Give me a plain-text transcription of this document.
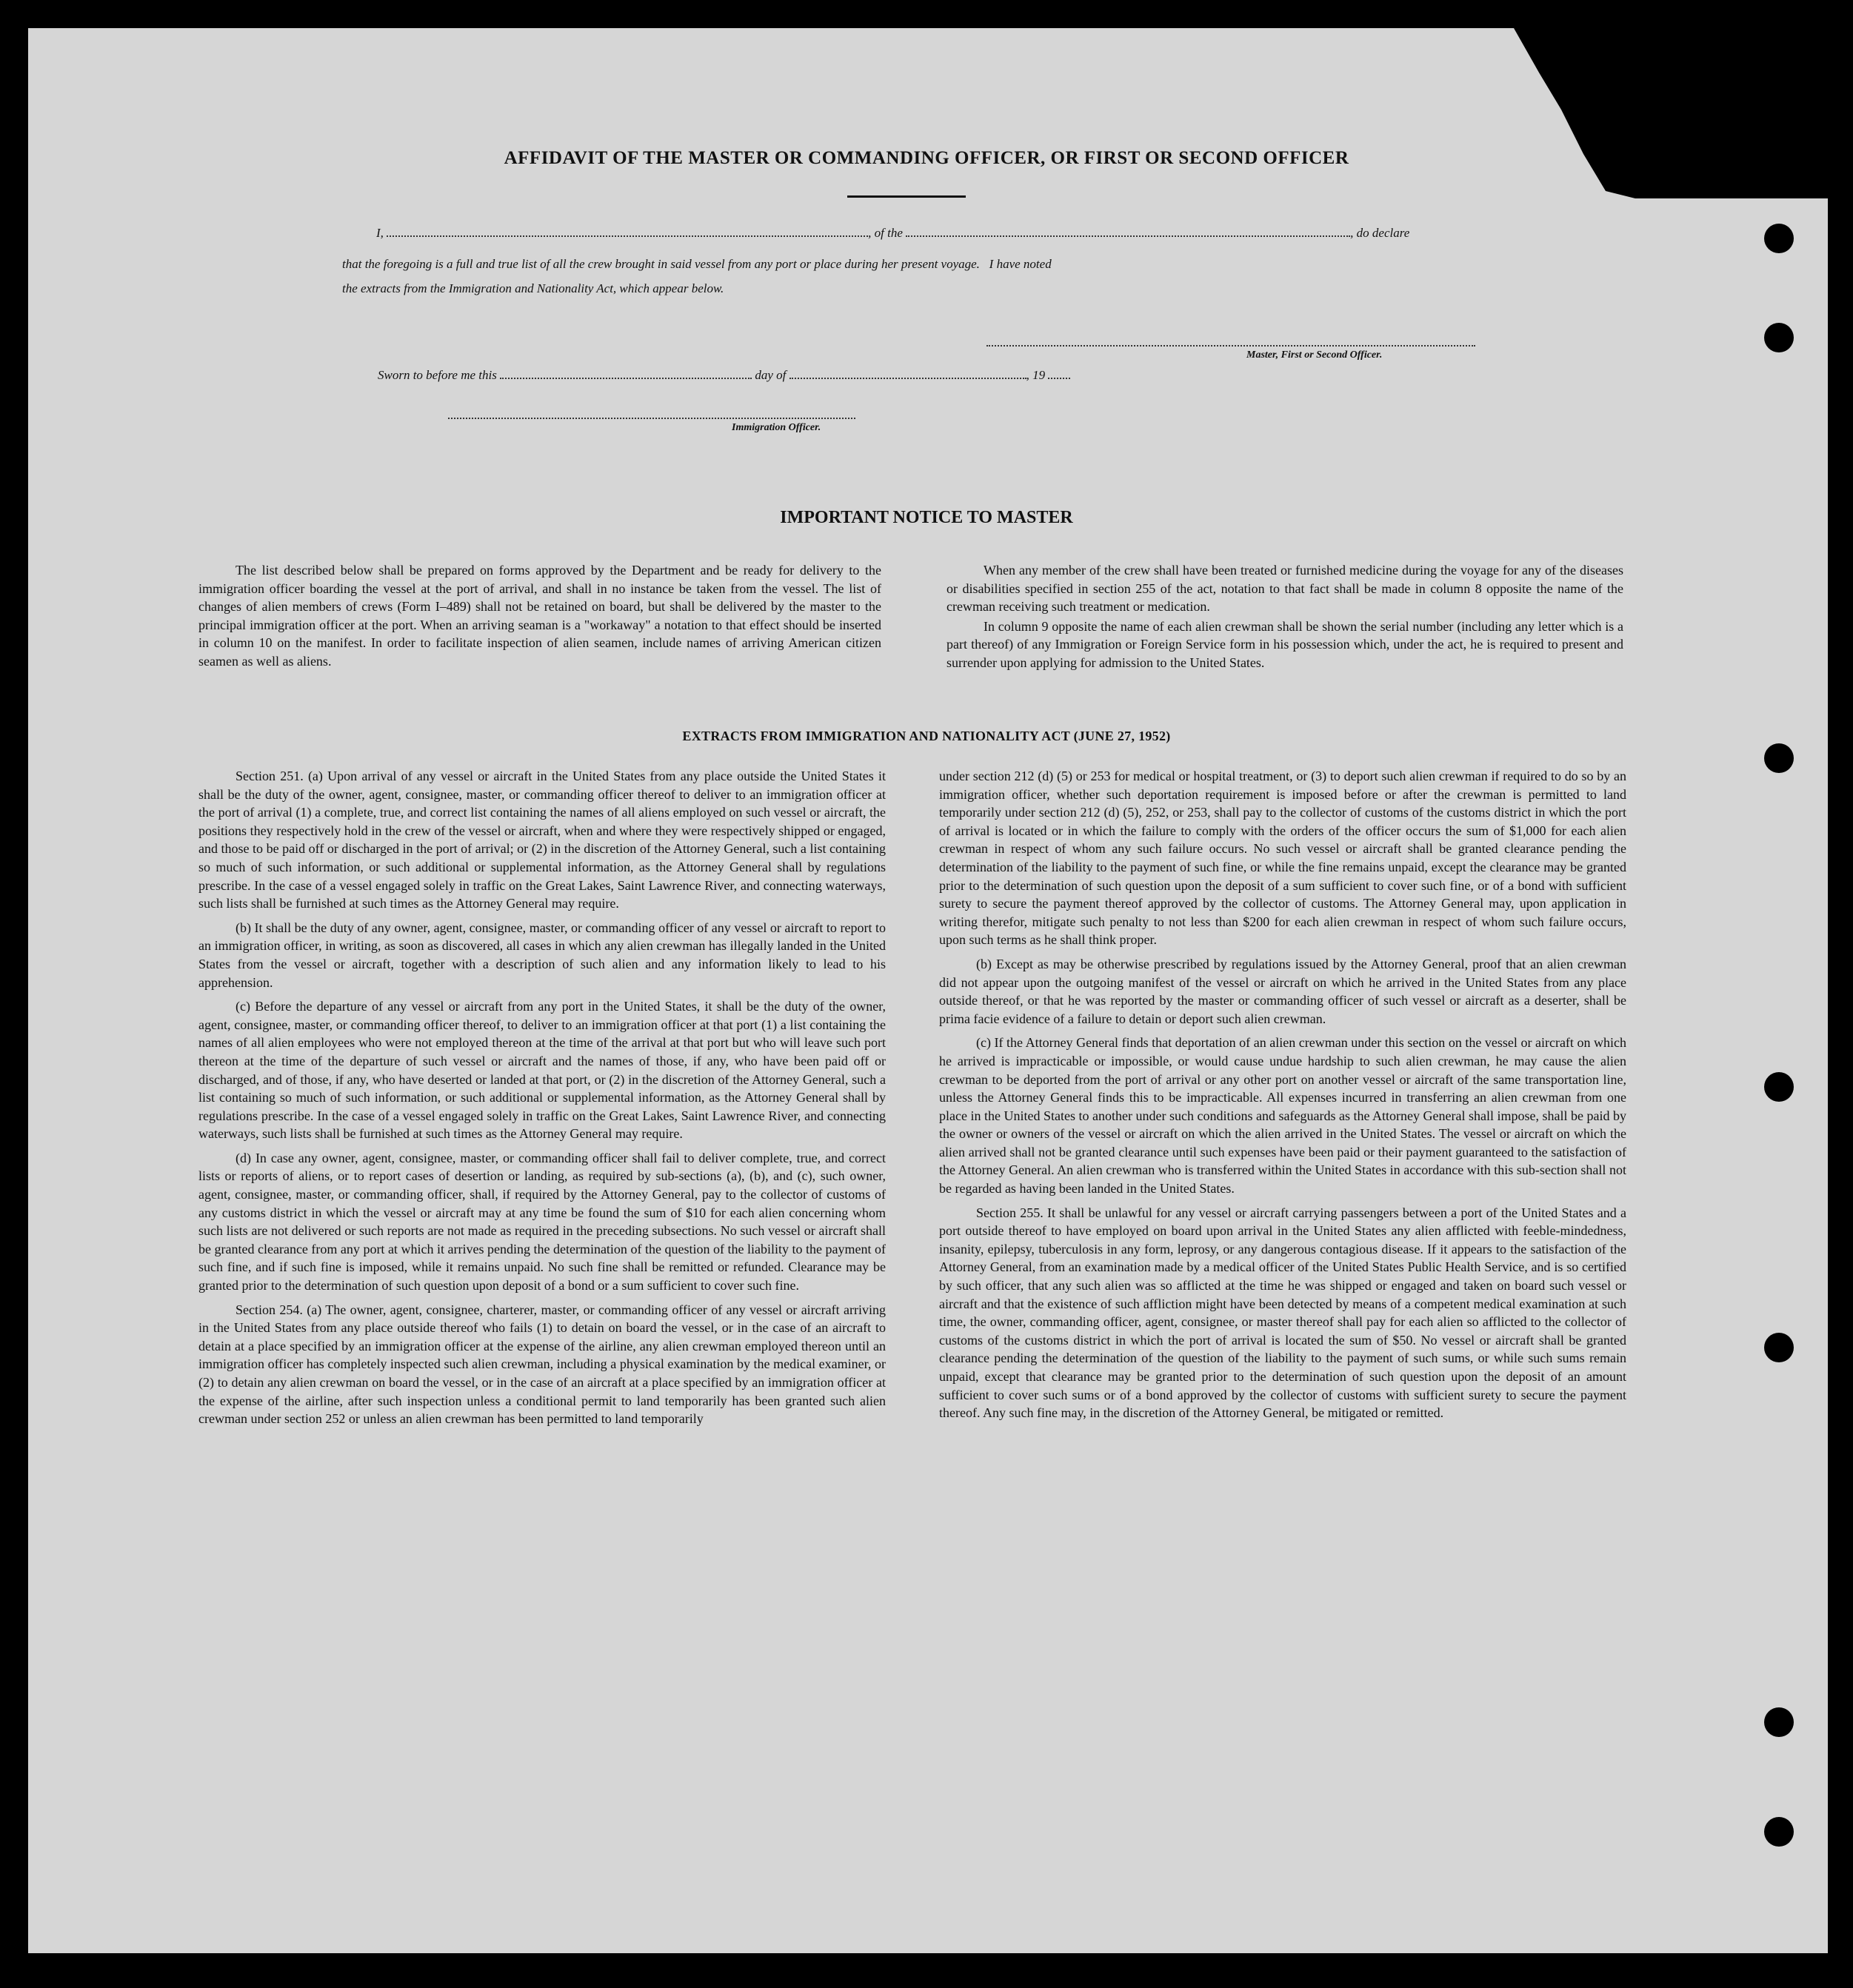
AFFIDAVIT OF THE MASTER OR COMMANDING OFFICER, OR FIRST OR SECOND OFFICER
I,	, of the	, do declare
that the foregoing is a full and true list of all the crew brought in said vessel from any port or place during her present voyage.   I have noted
the extracts from the Immigration and Nationality Act, which appear below.
Master, First or Second Officer.
Sworn to before me this	day of	, 19
Immigration Officer.
IMPORTANT NOTICE TO MASTER

The list described below shall be prepared on forms approved by the Department and be ready for delivery to the immigration officer boarding the vessel at the port of arrival, and shall in no instance be taken from the vessel. The list of changes of alien members of crews (Form I–489) shall not be retained on board, but shall be delivered by the master to the principal immigration officer at the port. When an arriving seaman is a "workaway" a notation to that effect should be inserted in column 10 on the manifest. In order to facilitate inspection of alien seamen, include names of arriving American citizen seamen as well as aliens.

When any member of the crew shall have been treated or furnished medicine during the voyage for any of the diseases or disabilities specified in section 255 of the act, notation to that fact shall be made in column 8 opposite the name of the crewman receiving such treatment or medication.

In column 9 opposite the name of each alien crewman shall be shown the serial number (including any letter which is a part thereof) of any Immigration or Foreign Service form in his possession which, under the act, he is required to present and surrender upon applying for admission to the United States.

EXTRACTS FROM IMMIGRATION AND NATIONALITY ACT (JUNE 27, 1952)

Section 251. (a) Upon arrival of any vessel or aircraft in the United States from any place outside the United States it shall be the duty of the owner, agent, consignee, master, or commanding officer thereof to deliver to an immigration officer at the port of arrival (1) a complete, true, and correct list containing the names of all aliens employed on such vessel or aircraft, the positions they respectively hold in the crew of the vessel or aircraft, when and where they were respectively shipped or engaged, and those to be paid off or discharged in the port of arrival; or (2) in the discretion of the Attorney General, such a list containing so much of such information, or such additional or supplemental information, as the Attorney General shall by regulations prescribe. In the case of a vessel engaged solely in traffic on the Great Lakes, Saint Lawrence River, and connecting waterways, such lists shall be furnished at such times as the Attorney General may require.

(b) It shall be the duty of any owner, agent, consignee, master, or commanding officer of any vessel or aircraft to report to an immigration officer, in writing, as soon as discovered, all cases in which any alien crewman has illegally landed in the United States from the vessel or aircraft, together with a description of such alien and any information likely to lead to his apprehension.

(c) Before the departure of any vessel or aircraft from any port in the United States, it shall be the duty of the owner, agent, consignee, master, or commanding officer thereof, to deliver to an immigration officer at that port (1) a list containing the names of all alien employees who were not employed thereon at the time of the arrival at that port but who will leave such port thereon at the time of the departure of such vessel or aircraft and the names of those, if any, who have been paid off or discharged, and of those, if any, who have deserted or landed at that port, or (2) in the discretion of the Attorney General, such a list containing so much of such information, or such additional or supplemental information, as the Attorney General shall by regulations prescribe. In the case of a vessel engaged solely in traffic on the Great Lakes, Saint Lawrence River, and connecting waterways, such lists shall be furnished at such times as the Attorney General may require.

(d) In case any owner, agent, consignee, master, or commanding officer shall fail to deliver complete, true, and correct lists or reports of aliens, or to report cases of desertion or landing, as required by sub-sections (a), (b), and (c), such owner, agent, consignee, master, or commanding officer, shall, if required by the Attorney General, pay to the collector of customs of any customs district in which the vessel or aircraft may at any time be found the sum of $10 for each alien concerning whom such lists are not delivered or such reports are not made as required in the preceding subsections. No such vessel or aircraft shall be granted clearance from any port at which it arrives pending the determination of the question of the liability to the payment of such fine, and if such fine is imposed, while it remains unpaid. No such fine shall be remitted or refunded. Clearance may be granted prior to the determination of such question upon deposit of a bond or a sum sufficient to cover such fine.

Section 254. (a) The owner, agent, consignee, charterer, master, or commanding officer of any vessel or aircraft arriving in the United States from any place outside thereof who fails (1) to detain on board the vessel, or in the case of an aircraft to detain at a place specified by an immigration officer at the expense of the airline, any alien crewman employed thereon until an immigration officer has completely inspected such alien crewman, including a physical examination by the medical examiner, or (2) to detain any alien crewman on board the vessel, or in the case of an aircraft at a place specified by an immigration officer at the expense of the airline, after such inspection unless a conditional permit to land temporarily has been granted such alien crewman under section 252 or unless an alien crewman has been permitted to land temporarily

under section 212 (d) (5) or 253 for medical or hospital treatment, or (3) to deport such alien crewman if required to do so by an immigration officer, whether such deportation requirement is imposed before or after the crewman is permitted to land temporarily under section 212 (d) (5), 252, or 253, shall pay to the collector of customs of the customs district in which the port of arrival is located or in which the failure to comply with the orders of the officer occurs the sum of $1,000 for each alien crewman in respect of whom any such failure occurs. No such vessel or aircraft shall be granted clearance pending the determination of the liability to the payment of such fine, or while the fine remains unpaid, except the clearance may be granted prior to the determination of such question upon the deposit of a sum sufficient to cover such fine, or of a bond with sufficient surety to secure the payment thereof approved by the collector of customs. The Attorney General may, upon application in writing therefor, mitigate such penalty to not less than $200 for each alien crewman in respect of whom such failure occurs, upon such terms as he shall think proper.

(b) Except as may be otherwise prescribed by regulations issued by the Attorney General, proof that an alien crewman did not appear upon the outgoing manifest of the vessel or aircraft on which he arrived in the United States from any place outside thereof, or that he was reported by the master or commanding officer of such vessel or aircraft as a deserter, shall be prima facie evidence of a failure to detain or deport such alien crewman.

(c) If the Attorney General finds that deportation of an alien crewman under this section on the vessel or aircraft on which he arrived is impracticable or impossible, or would cause undue hardship to such alien crewman, he may cause the alien crewman to be deported from the port of arrival or any other port on another vessel or aircraft of the same transportation line, unless the Attorney General finds this to be impracticable. All expenses incurred in transferring an alien crewman from one place in the United States to another under such conditions and safeguards as the Attorney General shall impose, shall be paid by the owner or owners of the vessel or aircraft on which the alien arrived in the United States. The vessel or aircraft on which the alien arrived shall not be granted clearance until such expenses have been paid or their payment guaranteed to the satisfaction of the Attorney General. An alien crewman who is transferred within the United States in accordance with this sub-section shall not be regarded as having been landed in the United States.

Section 255. It shall be unlawful for any vessel or aircraft carrying passengers between a port of the United States and a port outside thereof to have employed on board upon arrival in the United States any alien afflicted with feeble-mindedness, insanity, epilepsy, tuberculosis in any form, leprosy, or any dangerous contagious disease. If it appears to the satisfaction of the Attorney General, from an examination made by a medical officer of the United States Public Health Service, and is so certified by such officer, that any such alien was so afflicted at the time he was shipped or engaged and taken on board such vessel or aircraft and that the existence of such affliction might have been detected by means of a competent medical examination at such time, the owner, commanding officer, agent, consignee, or master thereof shall pay for each alien so afflicted to the collector of customs of the customs district in which the port of arrival is located the sum of $50. No vessel or aircraft shall be granted clearance pending the determination of the question of the liability to the payment of such sums, or while such sums remain unpaid, except that clearance may be granted prior to the determination of such question upon the deposit of an amount sufficient to cover such sums or of a bond approved by the collector of customs with sufficient surety to secure the payment thereof. Any such fine may, in the discretion of the Attorney General, be mitigated or remitted.
